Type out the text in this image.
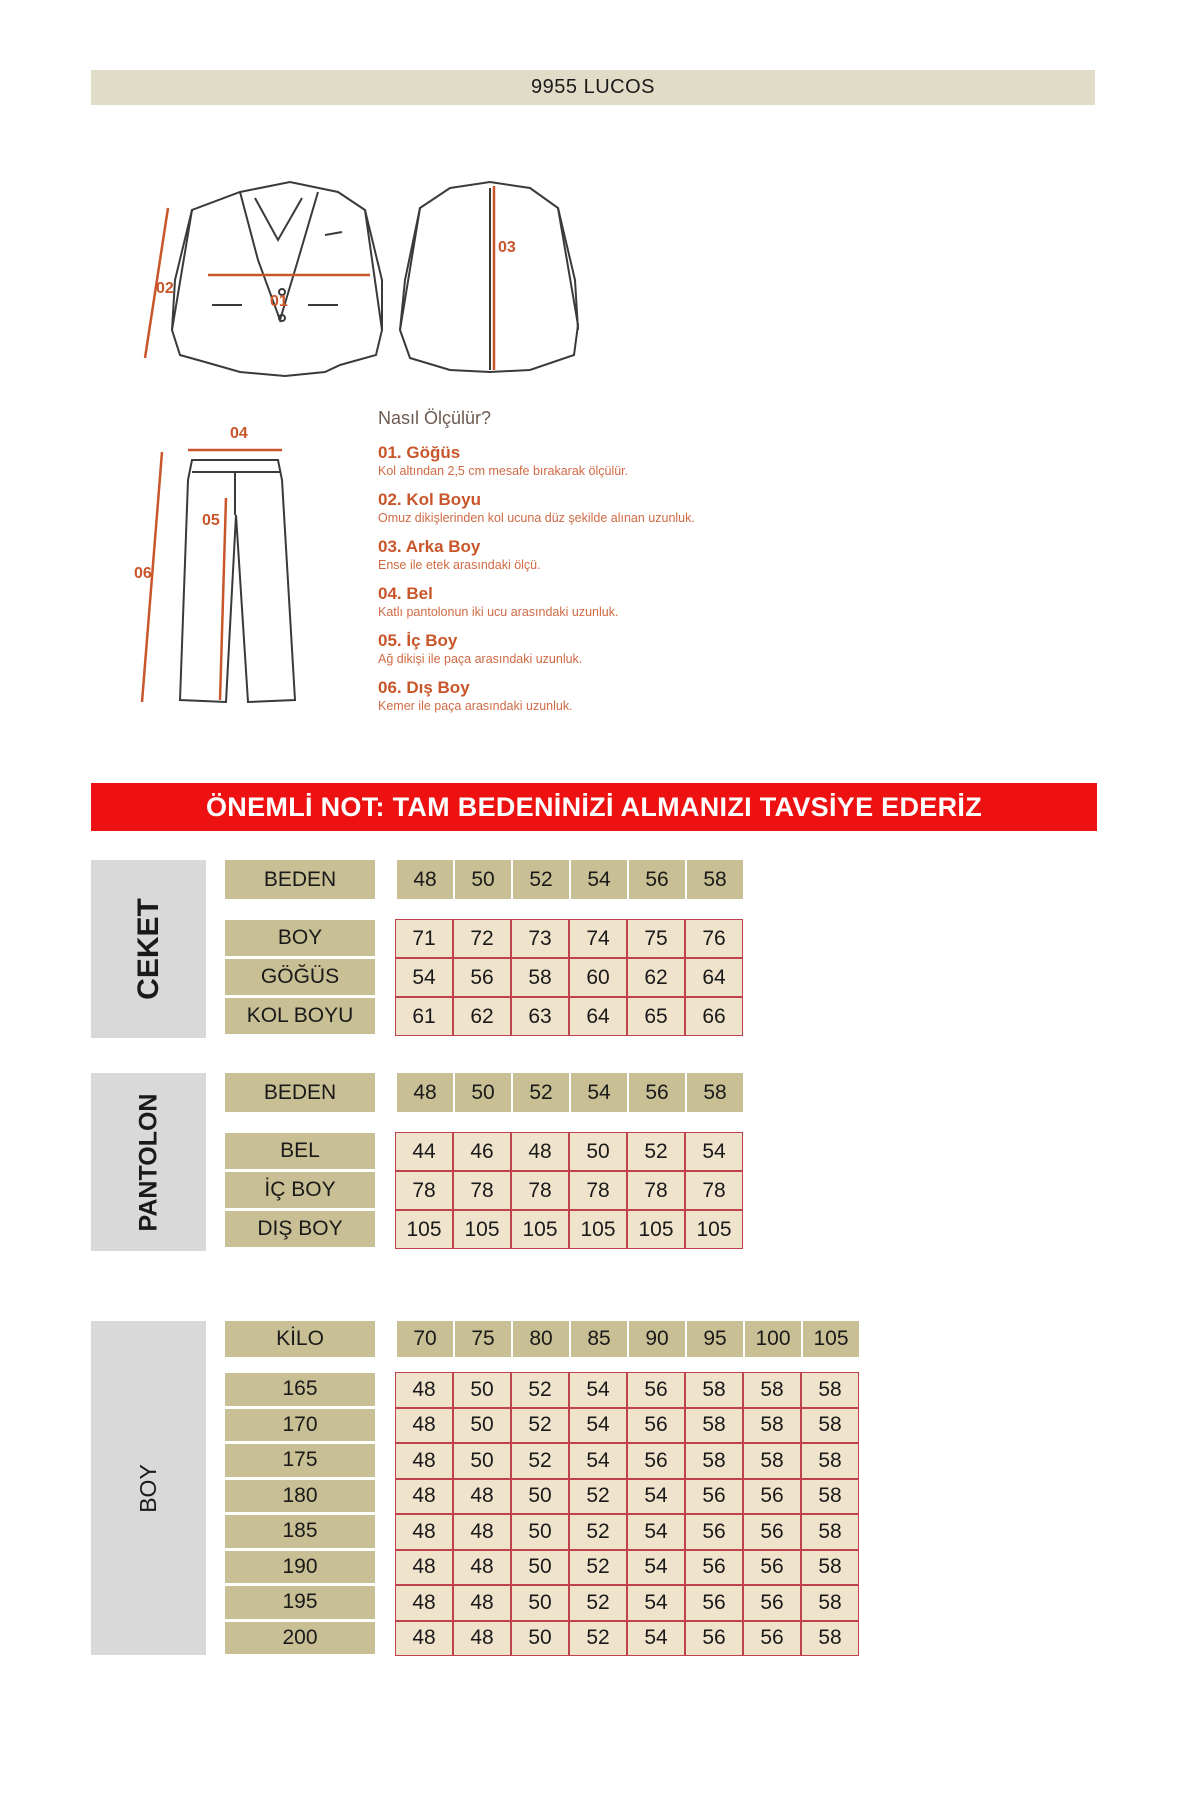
9955 LUCOS
01
02
03
04
05
06
Nasıl Ölçülür?
01. Göğüs
Kol altından 2,5 cm mesafe bırakarak ölçülür.
02. Kol Boyu
Omuz dikişlerinden kol ucuna düz şekilde alınan uzunluk.
03. Arka Boy
Ense ile etek arasındaki ölçü.
04. Bel
Katlı pantolonun iki ucu arasındaki uzunluk.
05. İç Boy
Ağ dikişi ile paça arasındaki uzunluk.
06. Dış Boy
Kemer ile paça arasındaki uzunluk.
ÖNEMLİ NOT: TAM BEDENİNİZİ ALMANIZI TAVSİYE EDERİZ
CEKET
PANTOLON
BOY
BEDEN	48	50	52	54	56	58
BOY	71	72	73	74	75	76
GÖĞÜS	54	56	58	60	62	64
KOL BOYU	61	62	63	64	65	66
BEDEN	48	50	52	54	56	58
BEL	44	46	48	50	52	54
İÇ BOY	78	78	78	78	78	78
DIŞ BOY	105	105	105	105	105	105
KİLO	70	75	80	85	90	95	100	105
165	48	50	52	54	56	58	58	58
170	48	50	52	54	56	58	58	58
175	48	50	52	54	56	58	58	58
180	48	48	50	52	54	56	56	58
185	48	48	50	52	54	56	56	58
190	48	48	50	52	54	56	56	58
195	48	48	50	52	54	56	56	58
200	48	48	50	52	54	56	56	58
